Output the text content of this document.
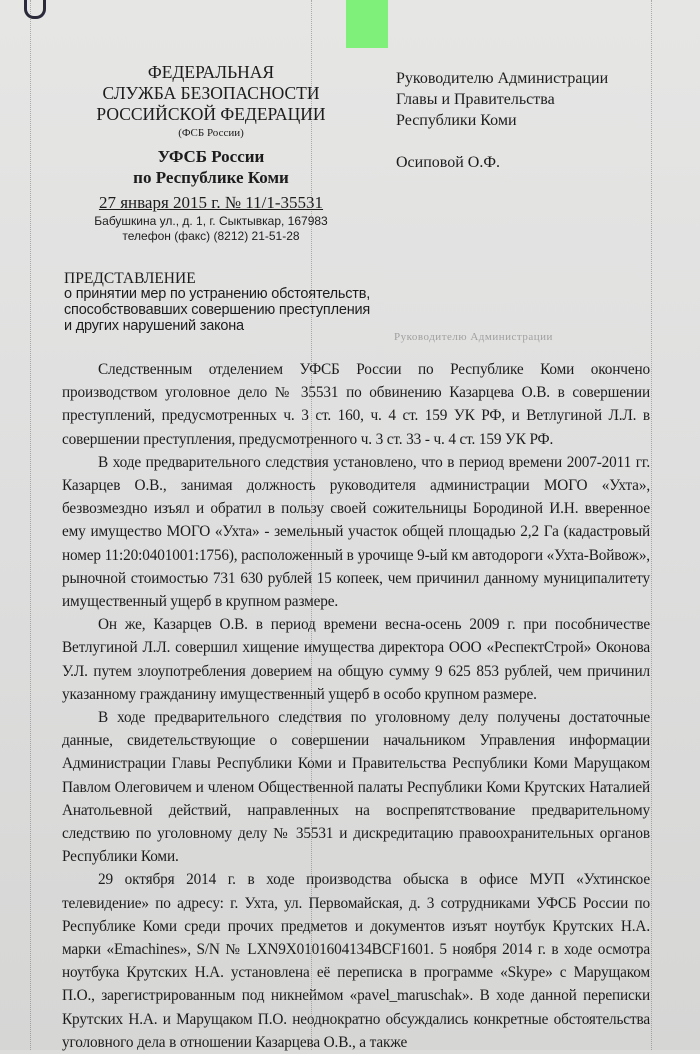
ФЕДЕРАЛЬНАЯ
СЛУЖБА БЕЗОПАСНОСТИ
РОССИЙСКОЙ ФЕДЕРАЦИИ
(ФСБ России)
УФСБ России
по Республике Коми
27 января 2015 г. № 11/1-35531
Бабушкина ул., д. 1, г. Сыктывкар, 167983
телефон (факс) (8212) 21-51-28
Руководителю Администрации
Главы и Правительства
Республики Коми
Осиповой О.Ф.
Руководителю Администрации
ПРЕДСТАВЛЕНИЕ
о принятии мер по устранению обстоятельств,
способствовавших совершению преступления
и других нарушений закона

Следственным отделением УФСБ России по Республике Коми окончено производством уголовное дело № 35531 по обвинению Казарцева О.В. в совершении преступлений, предусмотренных ч. 3 ст. 160, ч. 4 ст. 159 УК РФ, и Ветлугиной Л.Л. в совершении преступления, предусмотренного ч. 3 ст. 33 - ч. 4 ст. 159 УК РФ.

В ходе предварительного следствия установлено, что в период времени 2007-2011 гг. Казарцев О.В., занимая должность руководителя администрации МОГО «Ухта», безвозмездно изъял и обратил в пользу своей сожительницы Бородиной И.Н. вверенное ему имущество МОГО «Ухта» - земельный участок общей площадью 2,2 Га (кадастровый номер 11:20:0401001:1756), расположенный в урочище 9-ый км автодороги «Ухта-Войвож», рыночной стоимостью 731 630 рублей 15 копеек, чем причинил данному муниципалитету имущественный ущерб в крупном размере.

Он же, Казарцев О.В. в период времени весна-осень 2009 г. при пособничестве Ветлугиной Л.Л. совершил хищение имущества директора ООО «РеспектСтрой» Оконова У.Л. путем злоупотребления доверием на общую сумму 9 625 853 рублей, чем причинил указанному гражданину имущественный ущерб в особо крупном размере.

В ходе предварительного следствия по уголовному делу получены достаточные данные, свидетельствующие о совершении начальником Управления информации Администрации Главы Республики Коми и Правительства Республики Коми Марущаком Павлом Олеговичем и членом Общественной палаты Республики Коми Крутских Наталией Анатольевной действий, направленных на воспрепятствование предварительному следствию по уголовному делу № 35531 и дискредитацию правоохранительных органов Республики Коми.

29 октября 2014 г. в ходе производства обыска в офисе МУП «Ухтинское телевидение» по адресу: г. Ухта, ул. Первомайская, д. 3 сотрудниками УФСБ России по Республике Коми среди прочих предметов и документов изъят ноутбук Крутских Н.А. марки «Emachines», S/N № LXN9X0101604134BCF1601. 5 ноября 2014 г. в ходе осмотра ноутбука Крутских Н.А. установлена её переписка в программе «Skype» с Марущаком П.О., зарегистрированным под никнеймом «pavel_maruschak». В ходе данной переписки Крутских Н.А. и Марущаком П.О. неоднократно обсуждались конкретные обстоятельства уголовного дела в отношении Казарцева О.В., а также
